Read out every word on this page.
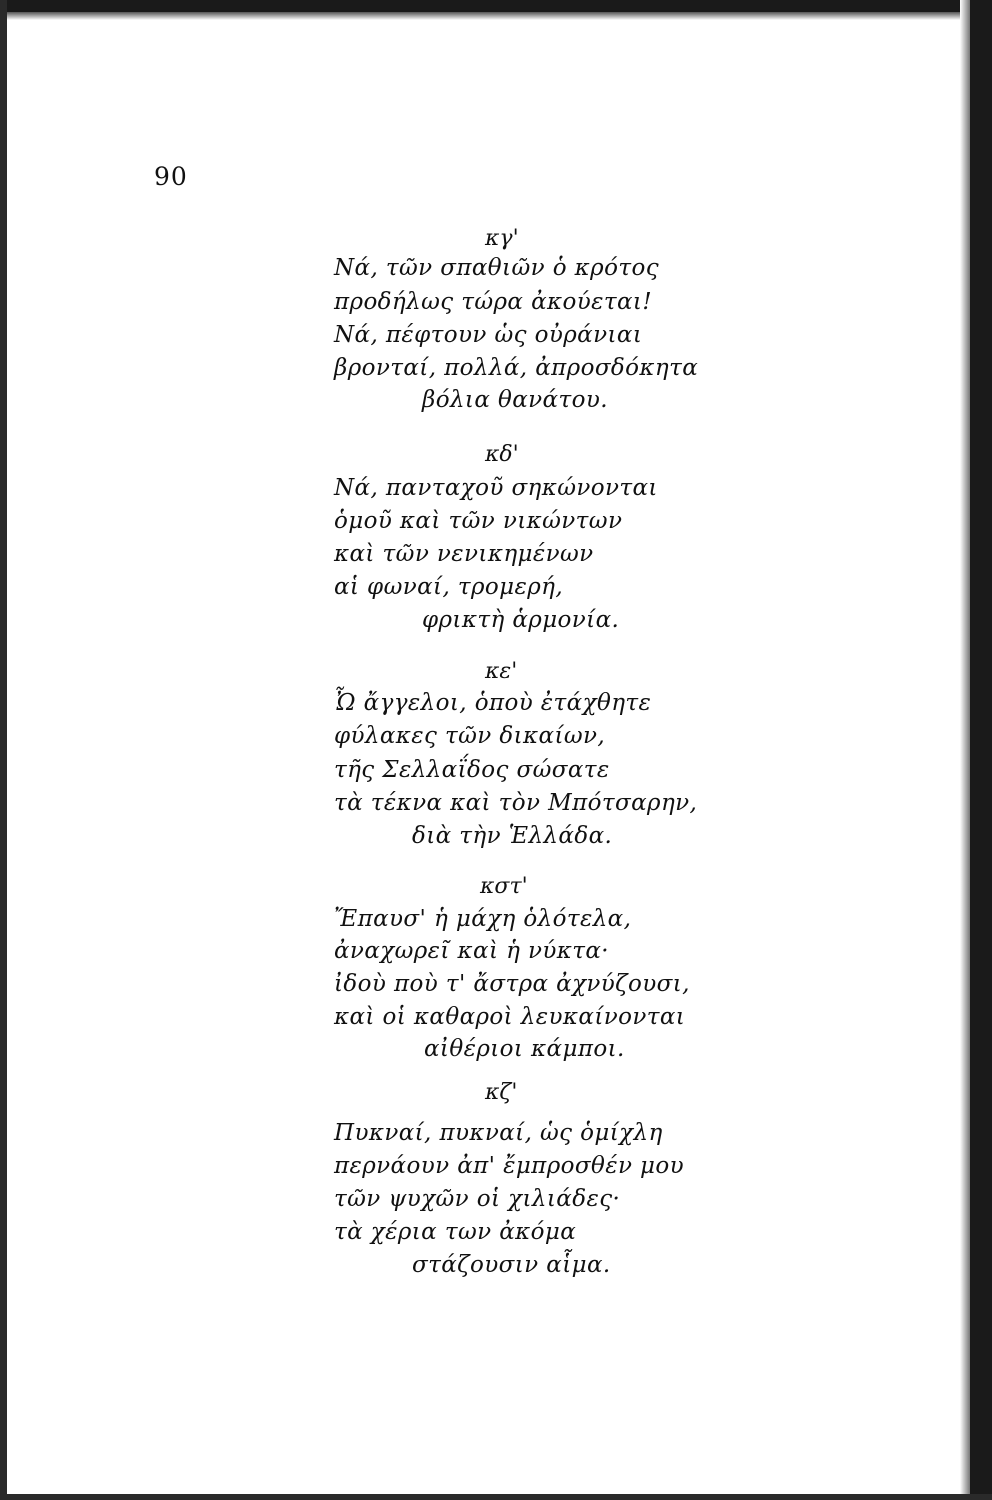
90
κγ'
Νά, τῶν σπαθιῶν ὁ κρότος
προδήλως τώρα ἀκούεται!
Νά, πέφτουν ὡς οὐράνιαι
βρονταί, πολλά, ἀπροσδόκητα
βόλια θανάτου.
κδ'
Νά, πανταχοῦ σηκώνονται
ὁμοῦ καὶ τῶν νικώντων
καὶ τῶν νενικημένων
αἱ φωναί, τρομερή,
φρικτὴ ἁρμονία.
κε'
Ὦ ἄγγελοι, ὁποὺ ἐτάχθητε
φύλακες τῶν δικαίων,
τῆς Σελλαΐδος σώσατε
τὰ τέκνα καὶ τὸν Μπότσαρην,
διὰ τὴν Ἑλλάδα.
κστ'
Ἔπαυσ' ἡ μάχη ὁλότελα,
ἀναχωρεῖ καὶ ἡ νύκτα·
ἰδοὺ ποὺ τ' ἄστρα ἀχνύζουσι,
καὶ οἱ καθαροὶ λευκαίνονται
αἰθέριοι κάμποι.
κζ'
Πυκναί, πυκναί, ὡς ὁμίχλη
περνάουν ἀπ' ἔμπροσθέν μου
τῶν ψυχῶν οἱ χιλιάδες·
τὰ χέρια των ἀκόμα
στάζουσιν αἷμα.
